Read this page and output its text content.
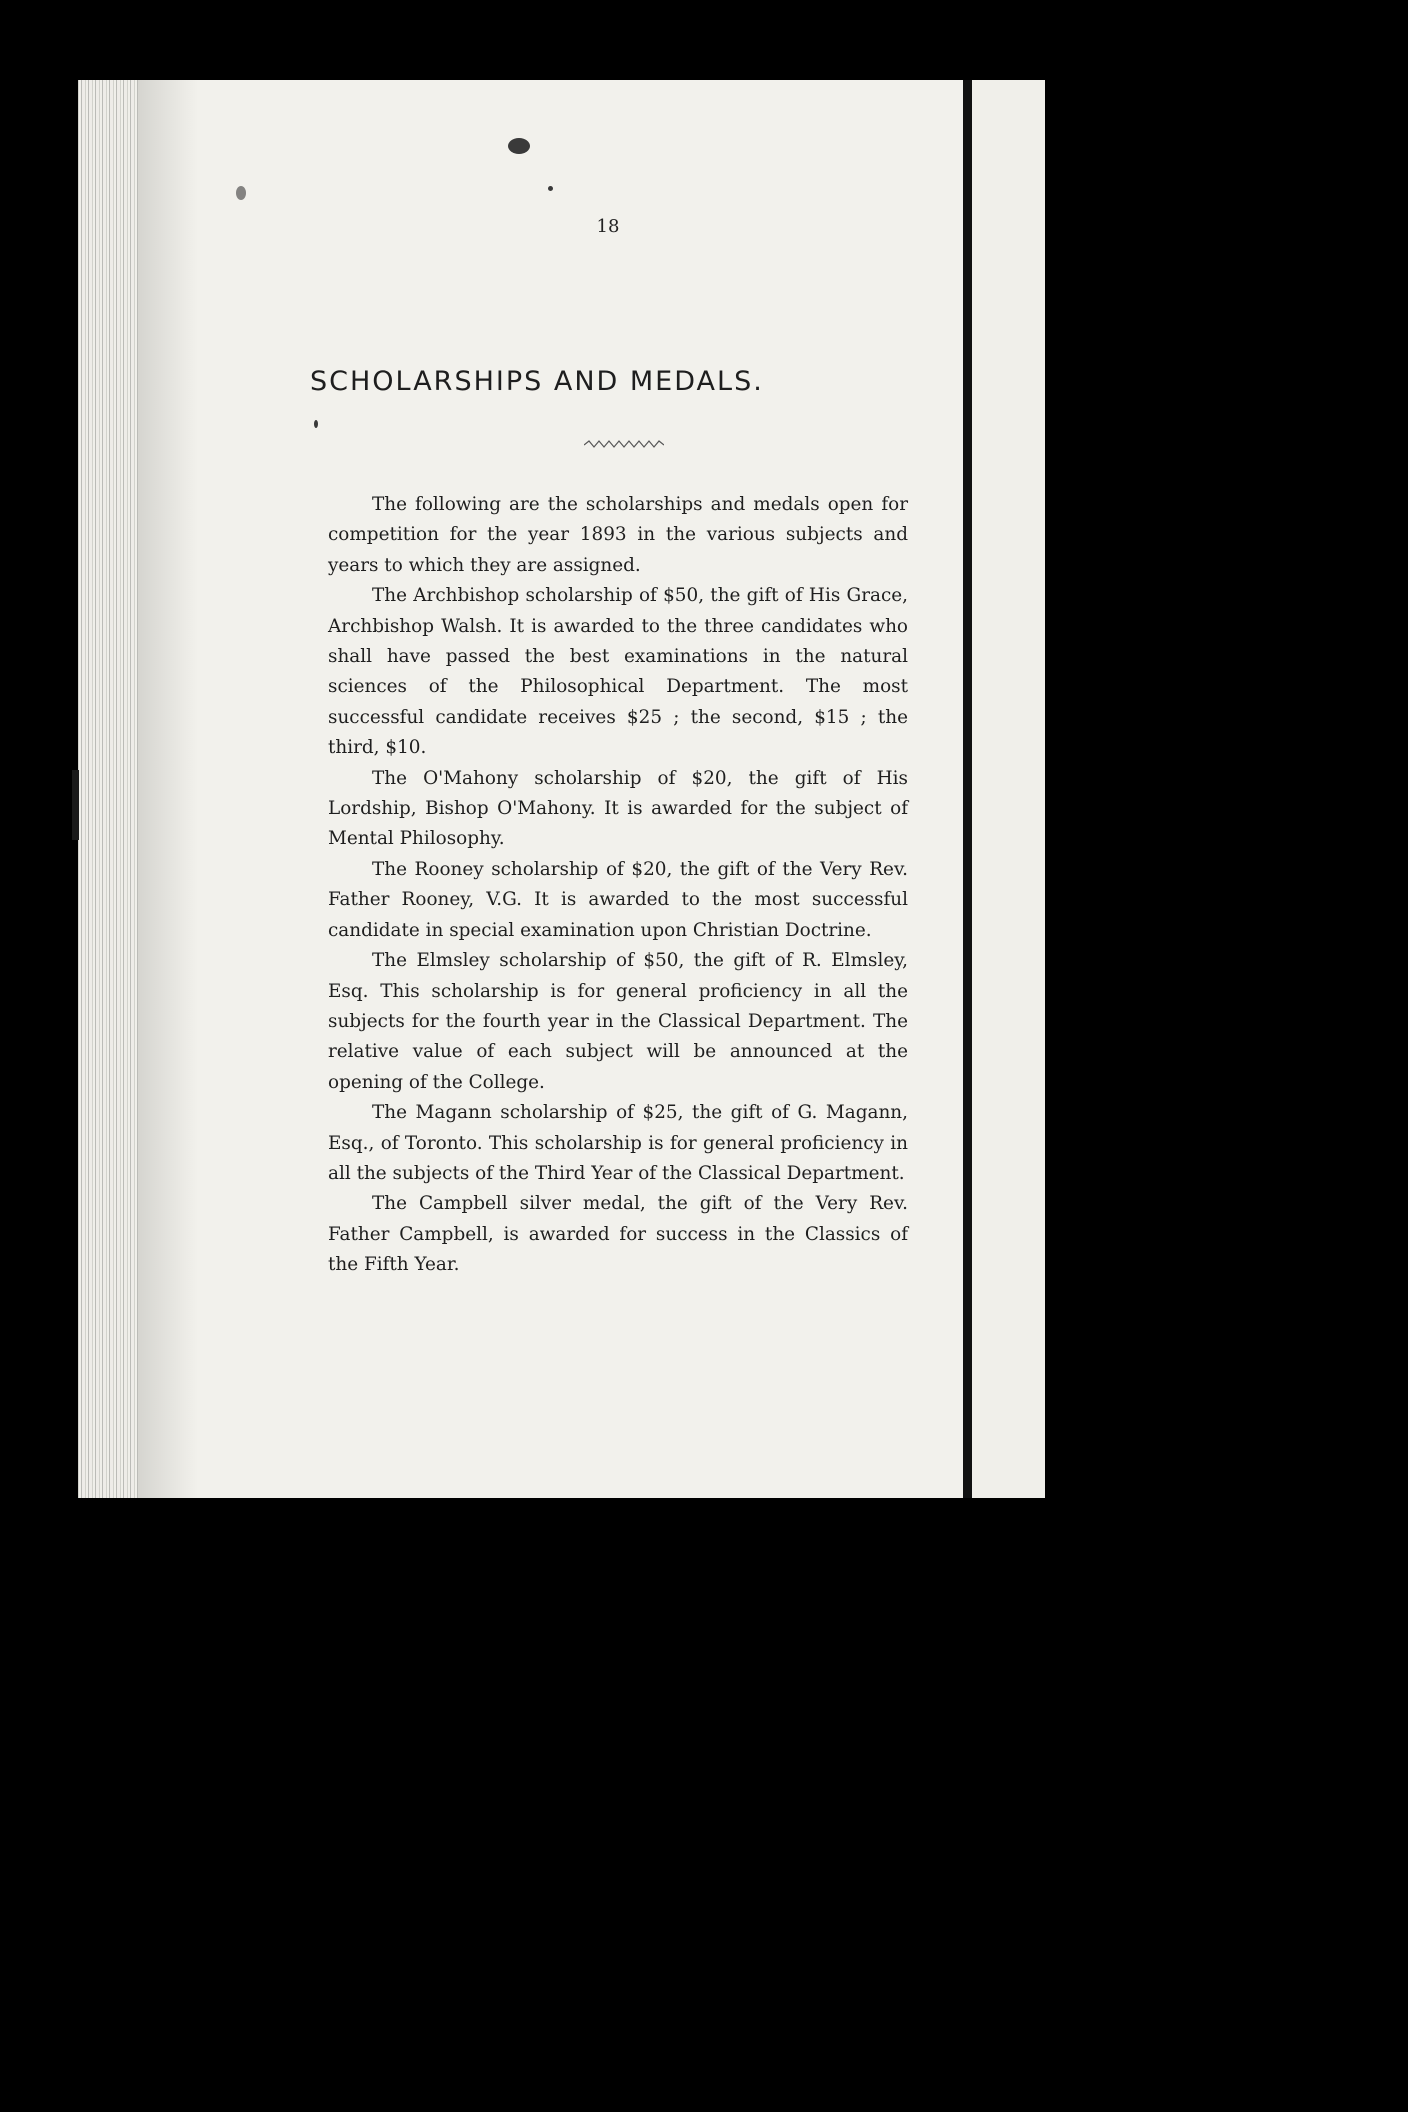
18
SCHOLARSHIPS AND MEDALS.

The following are the scholarships and medals open for competition for the year 1893 in the various subjects and years to which they are assigned.

The Archbishop scholarship of $50, the gift of His Grace, Archbishop Walsh. It is awarded to the three candidates who shall have passed the best examinations in the natural sciences of the Philosophical Department. The most successful candidate receives $25 ; the second, $15 ; the third, $10.

The O'Mahony scholarship of $20, the gift of His Lordship, Bishop O'Mahony. It is awarded for the subject of Mental Philosophy.

The Rooney scholarship of $20, the gift of the Very Rev. Father Rooney, V.G. It is awarded to the most successful candidate in special examination upon Christian Doctrine.

The Elmsley scholarship of $50, the gift of R. Elmsley, Esq. This scholarship is for general proficiency in all the subjects for the fourth year in the Classical Department. The relative value of each subject will be announced at the opening of the College.

The Magann scholarship of $25, the gift of G. Magann, Esq., of Toronto. This scholarship is for general proficiency in all the subjects of the Third Year of the Classical Department.

The Campbell silver medal, the gift of the Very Rev. Father Campbell, is awarded for success in the Classics of the Fifth Year.
